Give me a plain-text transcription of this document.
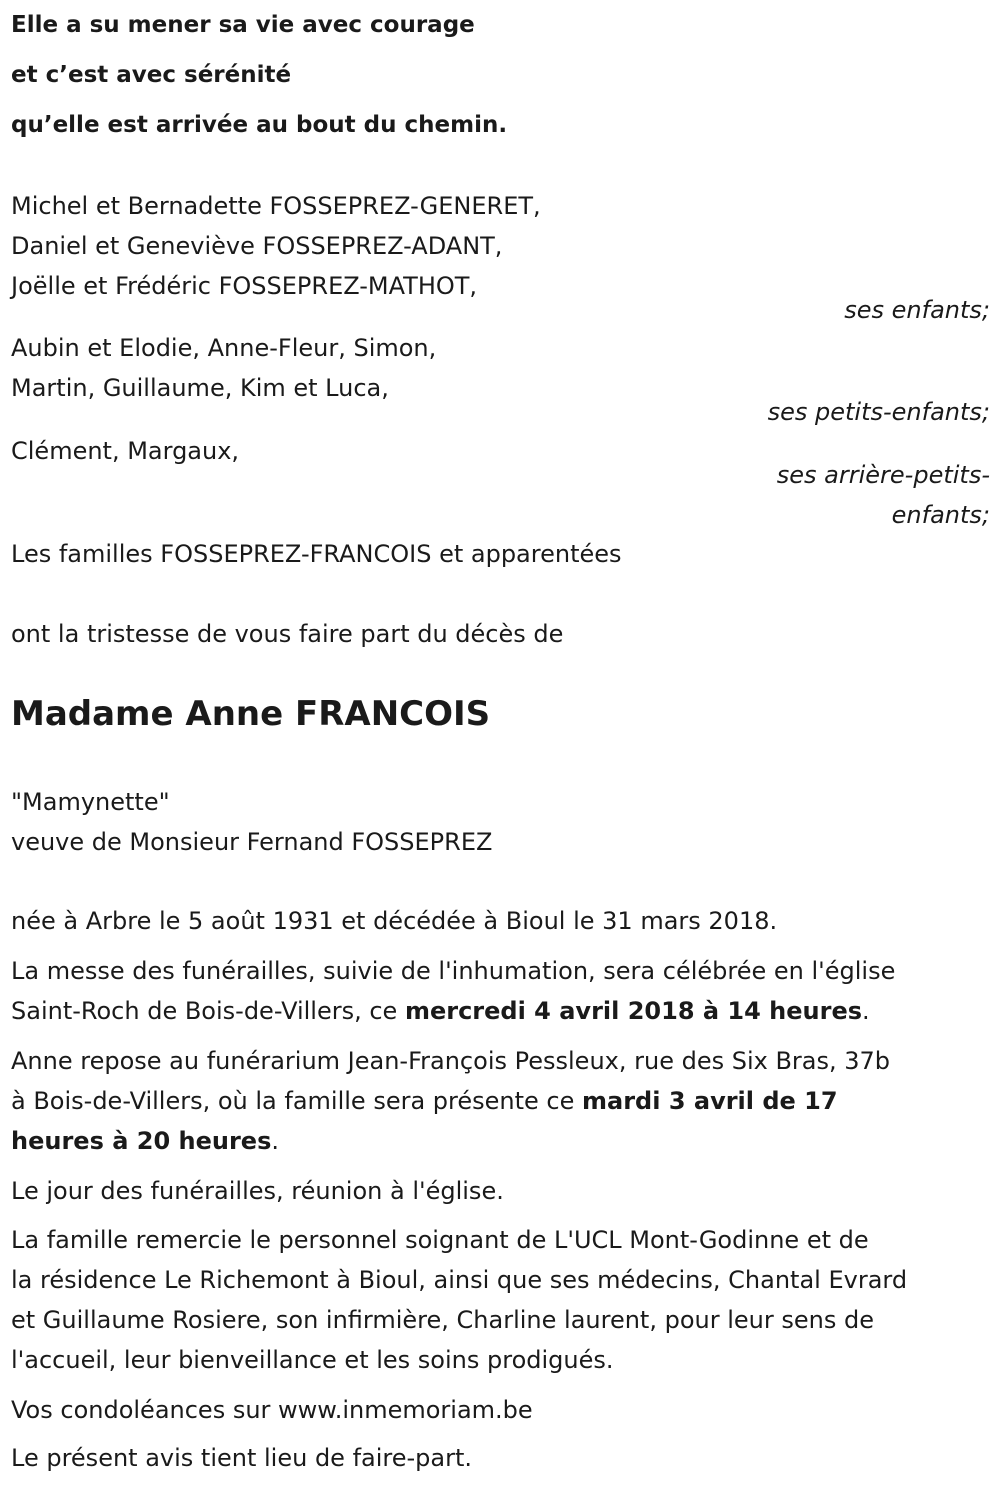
Elle a su mener sa vie avec courage
et c’est avec sérénité
qu’elle est arrivée au bout du chemin.
Michel et Bernadette FOSSEPREZ-GENERET,
Daniel et Geneviève FOSSEPREZ-ADANT,
Joëlle et Frédéric FOSSEPREZ-MATHOT,
ses enfants;
Aubin et Elodie, Anne-Fleur, Simon,
Martin, Guillaume, Kim et Luca,
ses petits-enfants;
Clément, Margaux,
ses arrière-petits-
enfants;
Les familles FOSSEPREZ-FRANCOIS et apparentées
ont la tristesse de vous faire part du décès de
Madame Anne FRANCOIS
"Mamynette"
veuve de Monsieur Fernand FOSSEPREZ
née à Arbre le 5 août 1931 et décédée à Bioul le 31 mars 2018.
La messe des funérailles, suivie de l'inhumation, sera célébrée en l'église
Saint-Roch de Bois-de-Villers, ce mercredi 4 avril 2018 à 14 heures.
Anne repose au funérarium Jean-François Pessleux, rue des Six Bras, 37b
à Bois-de-Villers, où la famille sera présente ce mardi 3 avril de 17
heures à 20 heures.
Le jour des funérailles, réunion à l'église.
La famille remercie le personnel soignant de L'UCL Mont-Godinne et de
la résidence Le Richemont à Bioul, ainsi que ses médecins, Chantal Evrard
et Guillaume Rosiere, son infirmière, Charline laurent, pour leur sens de
l'accueil, leur bienveillance et les soins prodigués.
Vos condoléances sur www.inmemoriam.be
Le présent avis tient lieu de faire-part.
